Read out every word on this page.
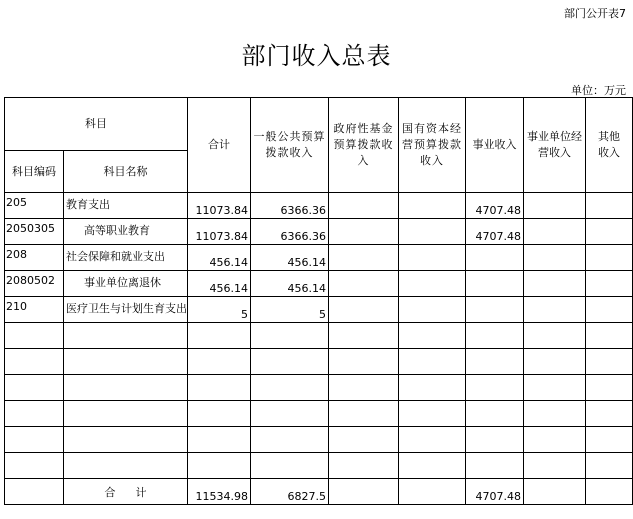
部门公开表7
部门收入总表
单位：万元
科目		合计	一般公共预算拨款收入	政府性基金预算拨款收入	国有资本经营预算拨款收入	事业收入	事业单位经营收入	其他收入

科目编码	科目名称							
205	教育支出	11073.84	6366.36			4707.48		
2050305	高等职业教育	11073.84	6366.36			4707.48		
208	社会保障和就业支出	456.14	456.14					
2080502	事业单位离退休	456.14	456.14					
210	医疗卫生与计划生育支出	5	5					

	合 计	11534.98	6827.5			4707.48		
